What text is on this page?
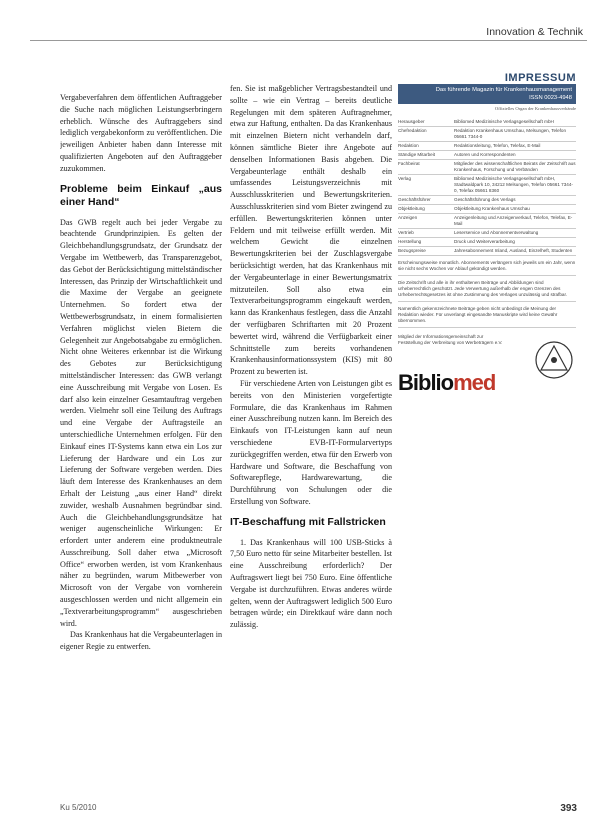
Innovation & Technik

Vergabeverfahren dem öffentlichen Auftraggeber die Suche nach möglichen Leistungserbringern erheblich. Wünsche des Auftraggebers sind lediglich vergabekonform zu veröffentlichen. Die jeweiligen Anbieter haben dann Interesse mit qualifizierten Angeboten auf den Auftraggeber zuzukommen.

Probleme beim Einkauf „aus einer Hand“

Das GWB regelt auch bei jeder Vergabe zu beachtende Grundprinzipien. Es gelten der Gleichbehandlungsgrundsatz, der Grundsatz der Vergabe im Wettbewerb, das Transparenzgebot, das Gebot der Berücksichtigung mittelständischer Interessen, das Prinzip der Wirtschaftlichkeit und die Maxime der Vergabe an geeignete Unternehmen. So fordert etwa der Wettbewerbsgrundsatz, in einem formalisierten Verfahren möglichst vielen Bietern die Gelegenheit zur Angebotsabgabe zu ermöglichen. Nicht ohne Weiteres erkennbar ist die Wirkung des Gebotes zur Berücksichtigung mittelständischer Interessen: das GWB verlangt eine Ausschreibung mit Vergabe von Losen. Es darf also kein einzelner Gesamtauftrag vergeben werden. Vielmehr soll eine Teilung des Auftrags und eine Vergabe der Auftragsteile an unterschiedliche Unternehmen erfolgen. Für den Einkauf eines IT-Systems kann etwa ein Los zur Lieferung der Hardware und ein Los zur Lieferung der Software vergeben werden. Dies läuft dem Interesse des Krankenhauses an dem Erhalt der Leistung „aus einer Hand“ direkt zuwider, weshalb Ausnahmen begründbar sind. Auch die Gleichbehandlungsgrundsätze hat weniger augenscheinliche Wirkungen: Er erfordert unter anderem eine produktneutrale Ausschreibung. Soll daher etwa „Microsoft Office“ erworben werden, ist vom Krankenhaus näher zu begründen, warum Mitbewerber von Microsoft von der Vergabe von vornherein ausgeschlossen werden und nicht allgemein ein „Textverarbeitungsprogramm“ ausgeschrieben wird.

Das Krankenhaus hat die Vergabeunterlagen in eigener Regie zu entwerfen.

fen. Sie ist maßgeblicher Vertragsbestandteil und sollte – wie ein Vertrag – bereits deutliche Regelungen mit dem späteren Auftragnehmer, etwa zur Haftung, enthalten. Da das Krankenhaus mit einzelnen Bietern nicht verhandeln darf, können sämtliche Bieter ihre Angebote auf denselben Informationen Basis abgeben. Die Vergabeunterlage enthält deshalb ein umfassendes Leistungsverzeichnis mit Ausschlusskriterien und Bewertungskriterien. Ausschlusskriterien sind vom Bieter zwingend zu erfüllen. Bewertungskriterien können unter Feldern und mit teilweise erfüllt werden. Mit welchem Gewicht die einzelnen Bewertungskriterien bei der Zuschlagsvergabe berücksichtigt werden, hat das Krankenhaus mit der Vergabeunterlage in einer Bewertungsmatrix mitzuteilen. Soll also etwa ein Textverarbeitungsprogramm eingekauft werden, kann das Krankenhaus festlegen, dass die Anzahl der verfügbaren Schriftarten mit 20 Prozent bewertet wird, während die Verfügbarkeit einer Schnittstelle zum bereits vorhandenen Krankenhausinformationssystem (KIS) mit 80 Prozent zu bewerten ist.

Für verschiedene Arten von Leistungen gibt es bereits von den Ministerien vorgefertigte Formulare, die das Krankenhaus im Rahmen einer Ausschreibung nutzen kann. Im Bereich des Einkaufs von IT-Leistungen kann auf neun verschiedene EVB-IT-Formularvertyps zurückgegriffen werden, etwa für den Erwerb von Hardware und Software, die Beschaffung von Softwarepflege, Hardwarewartung, die Durchführung von Schulungen oder die Erstellung von Software.

IT-Beschaffung mit Fallstricken

1. Das Krankenhaus will 100 USB-Sticks à 7,50 Euro netto für seine Mitarbeiter bestellen. Ist eine Ausschreibung erforderlich? Der Auftragswert liegt bei 750 Euro. Eine öffentliche Vergabe ist durchzuführen. Etwas anderes würde gelten, wenn der Auftragswert lediglich 500 Euro betragen würde; ein Direktkauf wäre dann noch zulässig.

IMPRESSUM
Das führende Magazin für Krankenhausmanagement
ISSN 0023-4948
Offizielles Organ der Krankenhausverbände
Herausgeber	Bibliomed Medizinische Verlagsgesellschaft mbH
Chefredaktion	Redaktion Krankenhaus Umschau, Melsungen, Telefon 05661 7344-0
Redaktion	Redaktionsleitung, Telefon, Telefax, E-Mail
Ständige Mitarbeit	Autoren und Korrespondenten
Fachbeirat	Mitglieder des wissenschaftlichen Beirats der Zeitschrift aus Krankenhaus, Forschung und Verbänden
Verlag	Bibliomed Medizinische Verlagsgesellschaft mbH, Stadtwaldpark 10, 34212 Melsungen, Telefon 05661 7344-0, Telefax 05661 8360
Geschäftsführer	Geschäftsführung des Verlags
Objektleitung	Objektleitung Krankenhaus Umschau
Anzeigen	Anzeigenleitung und Anzeigenverkauf, Telefon, Telefax, E-Mail
Vertrieb	Leserservice und Abonnementverwaltung
Herstellung	Druck und Weiterverarbeitung
Bezugspreise	Jahresabonnement Inland, Ausland, Einzelheft, Studenten
Erscheinungsweise monatlich. Abonnements verlängern sich jeweils um ein Jahr, wenn sie nicht sechs Wochen vor Ablauf gekündigt werden.
Die Zeitschrift und alle in ihr enthaltenen Beiträge und Abbildungen sind urheberrechtlich geschützt. Jede Verwertung außerhalb der engen Grenzen des Urheberrechtsgesetzes ist ohne Zustimmung des Verlages unzulässig und strafbar.
Namentlich gekennzeichnete Beiträge geben nicht unbedingt die Meinung der Redaktion wieder. Für unverlangt eingesandte Manuskripte wird keine Gewähr übernommen.
Mitglied der Informationsgemeinschaft zur Feststellung der Verbreitung von Werbeträgern e.V.
Bibliomed
Ku 5/2010	393
